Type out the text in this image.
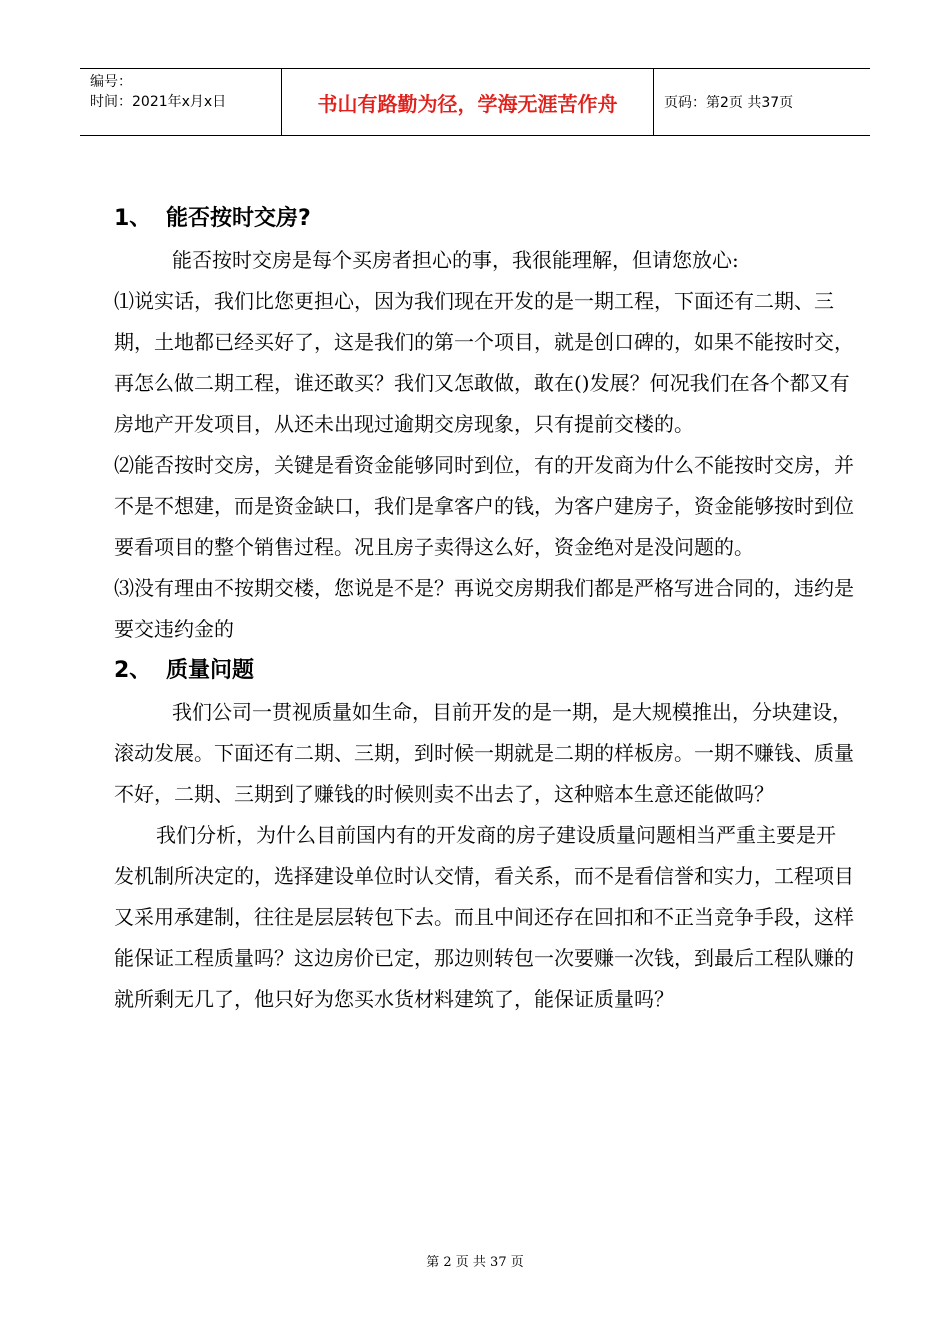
编号：
时间：2021年x月x日	书山有路勤为径，学海无涯苦作舟	页码：第2页 共37页
1、 能否按时交房?
能否按时交房是每个买房者担心的事，我很能理解，但请您放心:
⑴说实话，我们比您更担心，因为我们现在开发的是一期工程，下面还有二期、三期，土地都已经买好了，这是我们的第一个项目，就是创口碑的，如果不能按时交，再怎么做二期工程，谁还敢买？我们又怎敢做，敢在()发展？何况我们在各个都又有房地产开发项目，从还未出现过逾期交房现象，只有提前交楼的。
⑵能否按时交房，关键是看资金能够同时到位，有的开发商为什么不能按时交房，并不是不想建，而是资金缺口，我们是拿客户的钱，为客户建房子，资金能够按时到位要看项目的整个销售过程。况且房子卖得这么好，资金绝对是没问题的。
⑶没有理由不按期交楼，您说是不是？再说交房期我们都是严格写进合同的，违约是要交违约金的
2、 质量问题
我们公司一贯视质量如生命，目前开发的是一期，是大规模推出，分块建设，滚动发展。下面还有二期、三期，到时候一期就是二期的样板房。一期不赚钱、质量不好，二期、三期到了赚钱的时候则卖不出去了，这种赔本生意还能做吗？
我们分析，为什么目前国内有的开发商的房子建设质量问题相当严重主要是开发机制所决定的，选择建设单位时认交情，看关系，而不是看信誉和实力，工程项目又采用承建制，往往是层层转包下去。而且中间还存在回扣和不正当竞争手段，这样能保证工程质量吗？这边房价已定，那边则转包一次要赚一次钱，到最后工程队赚的就所剩无几了，他只好为您买水货材料建筑了，能保证质量吗？
第 2 页 共 37 页
